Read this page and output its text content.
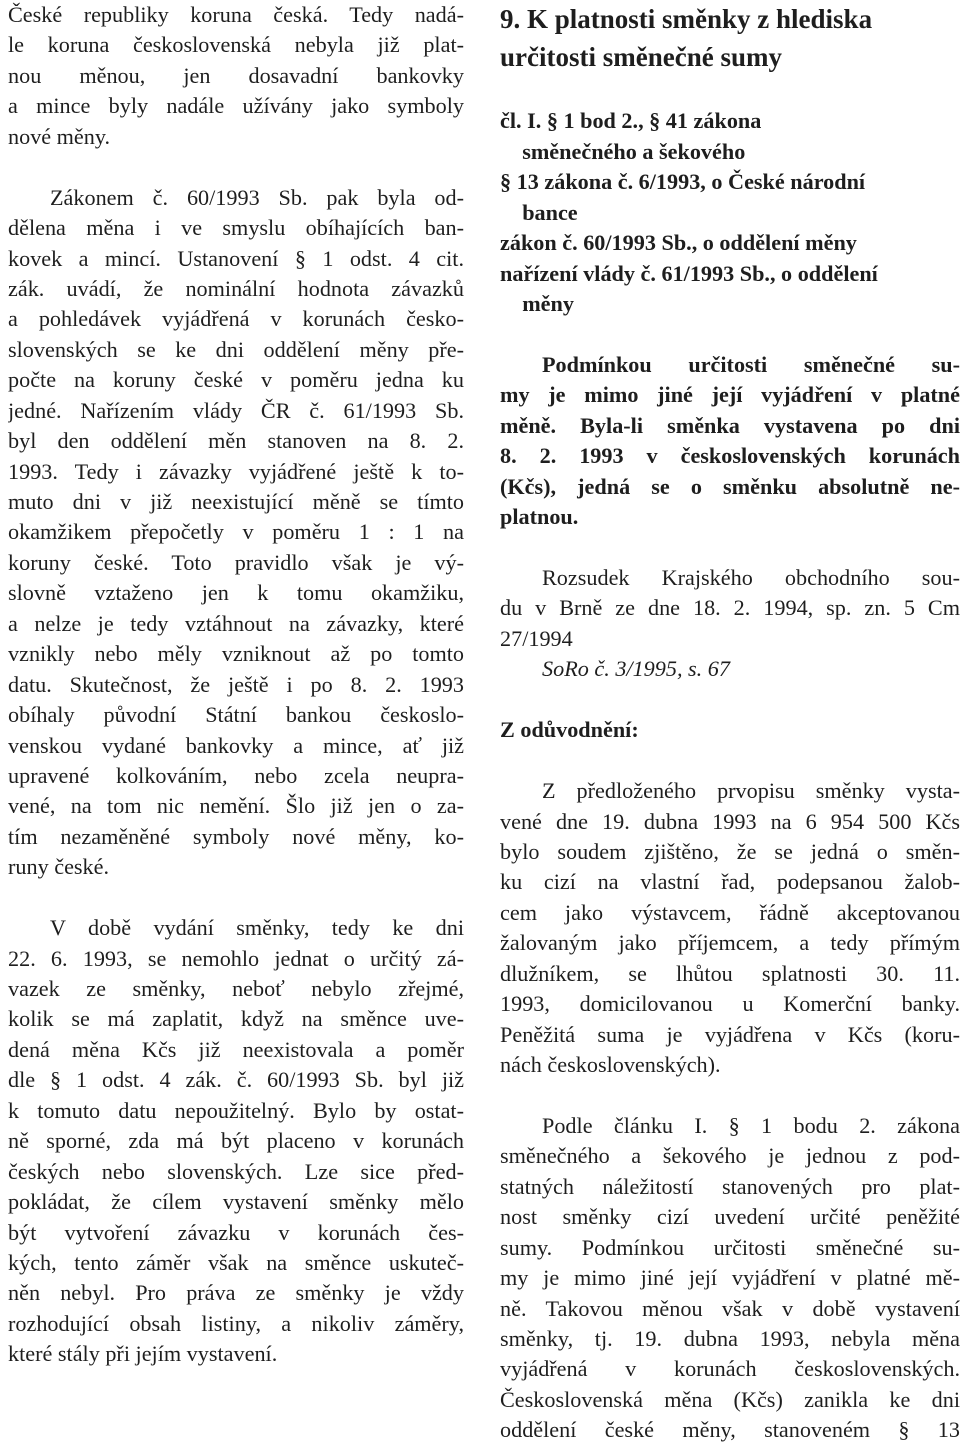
České republiky koruna česká. Tedy nadá-
le koruna československá nebyla již plat-
nou měnou, jen dosavadní bankovky
a mince byly nadále užívány jako symboly
nové měny.
Zákonem č. 60/1993 Sb. pak byla od-
dělena měna i ve smyslu obíhajících ban-
kovek a mincí. Ustanovení § 1 odst. 4 cit.
zák. uvádí, že nominální hodnota závazků
a pohledávek vyjádřená v korunách česko-
slovenských se ke dni oddělení měny pře-
počte na koruny české v poměru jedna ku
jedné. Nařízením vlády ČR č. 61/1993 Sb.
byl den oddělení měn stanoven na 8. 2.
1993. Tedy i závazky vyjádřené ještě k to-
muto dni v již neexistující měně se tímto
okamžikem přepočetly v poměru 1 : 1 na
koruny české. Toto pravidlo však je vý-
slovně vztaženo jen k tomu okamžiku,
a nelze je tedy vztáhnout na závazky, které
vznikly nebo měly vzniknout až po tomto
datu. Skutečnost, že ještě i po 8. 2. 1993
obíhaly původní Státní bankou českoslo-
venskou vydané bankovky a mince, ať již
upravené kolkováním, nebo zcela neupra-
vené, na tom nic nemění. Šlo již jen o za-
tím nezaměněné symboly nové měny, ko-
runy české.
V době vydání směnky, tedy ke dni
22. 6. 1993, se nemohlo jednat o určitý zá-
vazek ze směnky, neboť nebylo zřejmé,
kolik se má zaplatit, když na směnce uve-
dená měna Kčs již neexistovala a poměr
dle § 1 odst. 4 zák. č. 60/1993 Sb. byl již
k tomuto datu nepoužitelný. Bylo by ostat-
ně sporné, zda má být placeno v korunách
českých nebo slovenských. Lze sice před-
pokládat, že cílem vystavení směnky mělo
být vytvoření závazku v korunách čes-
kých, tento záměr však na směnce uskuteč-
něn nebyl. Pro práva ze směnky je vždy
rozhodující obsah listiny, a nikoliv záměry,
které stály při jejím vystavení.
9. K platnosti směnky z hlediska
určitosti směnečné sumy
čl. I. § 1 bod 2., § 41 zákona
směnečného a šekového
§ 13 zákona č. 6/1993, o České národní
bance
zákon č. 60/1993 Sb., o oddělení měny
nařízení vlády č. 61/1993 Sb., o oddělení
měny
Podmínkou určitosti směnečné su-
my je mimo jiné její vyjádření v platné
měně. Byla-li směnka vystavena po dni
8. 2. 1993 v československých korunách
(Kčs), jedná se o směnku absolutně ne-
platnou.
Rozsudek Krajského obchodního sou-
du v Brně ze dne 18. 2. 1994, sp. zn. 5 Cm
27/1994
SoRo č. 3/1995, s. 67
Z odůvodnění:
Z předloženého prvopisu směnky vysta-
vené dne 19. dubna 1993 na 6 954 500 Kčs
bylo soudem zjištěno, že se jedná o směn-
ku cizí na vlastní řad, podepsanou žalob-
cem jako výstavcem, řádně akceptovanou
žalovaným jako příjemcem, a tedy přímým
dlužníkem, se lhůtou splatnosti 30. 11.
1993, domicilovanou u Komerční banky.
Peněžitá suma je vyjádřena v Kčs (koru-
nách československých).
Podle článku I. § 1 bodu 2. zákona
směnečného a šekového je jednou z pod-
statných náležitostí stanovených pro plat-
nost směnky cizí uvedení určité peněžité
sumy. Podmínkou určitosti směnečné su-
my je mimo jiné její vyjádření v platné mě-
ně. Takovou měnou však v době vystavení
směnky, tj. 19. dubna 1993, nebyla měna
vyjádřená v korunách československých.
Československá měna (Kčs) zanikla ke dni
oddělení české měny, stanoveném § 13
